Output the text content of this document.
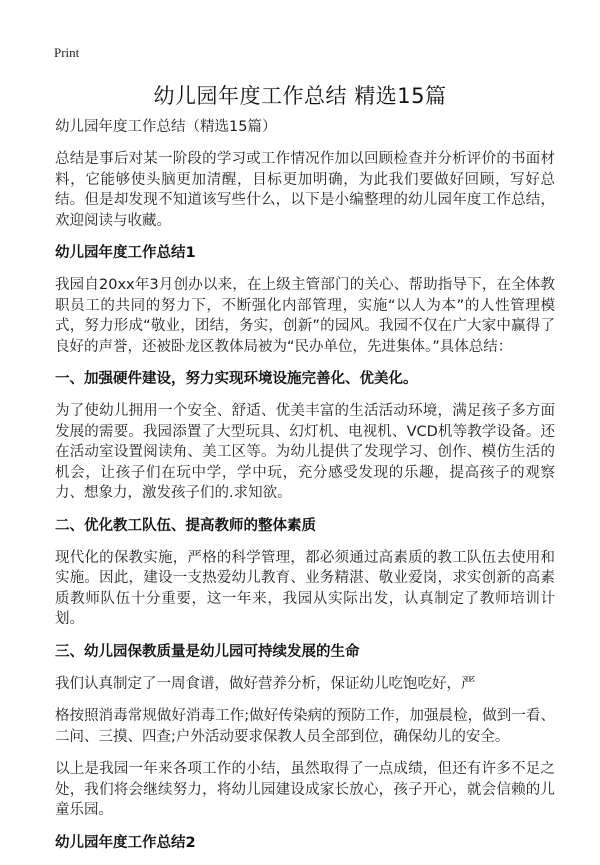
Print
幼儿园年度工作总结 精选15篇

幼儿园年度工作总结（精选15篇）

总结是事后对某一阶段的学习或工作情况作加以回顾检查并分析评价的书面材料，它能够使头脑更加清醒，目标更加明确，为此我们要做好回顾，写好总结。但是却发现不知道该写些什么，以下是小编整理的幼儿园年度工作总结，欢迎阅读与收藏。

幼儿园年度工作总结1

我园自20xx年3月创办以来，在上级主管部门的关心、帮助指导下，在全体教职员工的共同的努力下，不断强化内部管理，实施“以人为本”的人性管理模式，努力形成“敬业，团结，务实，创新”的园风。我园不仅在广大家中赢得了良好的声誉，还被卧龙区教体局被为“民办单位，先进集体。”具体总结：

一、加强硬件建设，努力实现环境设施完善化、优美化。

为了使幼儿拥用一个安全、舒适、优美丰富的生活活动环境，满足孩子多方面发展的需要。我园添置了大型玩具、幻灯机、电视机、VCD机等教学设备。还在活动室设置阅读角、美工区等。为幼儿提供了发现学习、创作、模仿生活的机会，让孩子们在玩中学，学中玩，充分感受发现的乐趣，提高孩子的观察力、想象力，激发孩子们的.求知欲。

二、优化教工队伍、提高教师的整体素质

现代化的保教实施，严格的科学管理，都必须通过高素质的教工队伍去使用和实施。因此，建设一支热爱幼儿教育、业务精湛、敬业爱岗，求实创新的高素质教师队伍十分重要，这一年来，我园从实际出发，认真制定了教师培训计划。

三、幼儿园保教质量是幼儿园可持续发展的生命

我们认真制定了一周食谱，做好营养分析，保证幼儿吃饱吃好，严

格按照消毒常规做好消毒工作;做好传染病的预防工作，加强晨检，做到一看、二问、三摸、四查;户外活动要求保教人员全部到位，确保幼儿的安全。

以上是我园一年来各项工作的小结，虽然取得了一点成绩，但还有许多不足之处，我们将会继续努力，将幼儿园建设成家长放心，孩子开心，就会信赖的儿童乐园。

幼儿园年度工作总结2
